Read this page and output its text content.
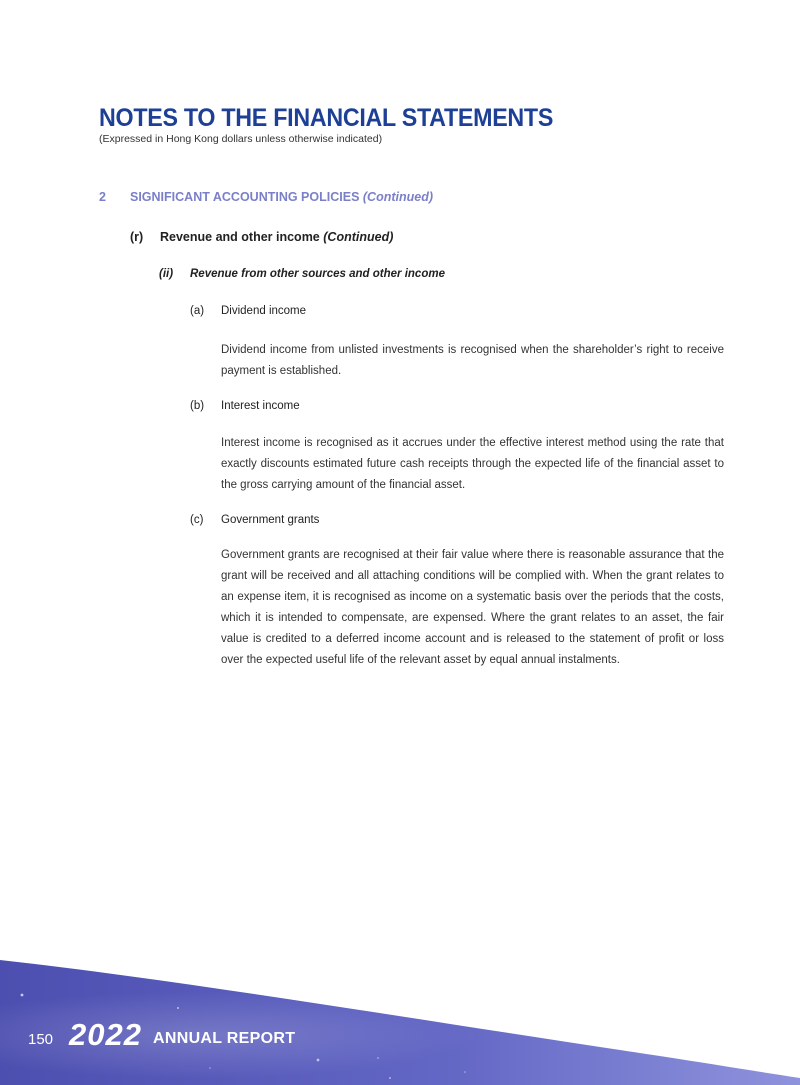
NOTES TO THE FINANCIAL STATEMENTS
(Expressed in Hong Kong dollars unless otherwise indicated)
2 SIGNIFICANT ACCOUNTING POLICIES (Continued)
(r) Revenue and other income (Continued)
(ii) Revenue from other sources and other income
(a) Dividend income

Dividend income from unlisted investments is recognised when the shareholder’s right to receive payment is established.

(b) Interest income

Interest income is recognised as it accrues under the effective interest method using the rate that exactly discounts estimated future cash receipts through the expected life of the financial asset to the gross carrying amount of the financial asset.

(c) Government grants

Government grants are recognised at their fair value where there is reasonable assurance that the grant will be received and all attaching conditions will be complied with. When the grant relates to an expense item, it is recognised as income on a systematic basis over the periods that the costs, which it is intended to compensate, are expensed. Where the grant relates to an asset, the fair value is credited to a deferred income account and is released to the statement of profit or loss over the expected useful life of the relevant asset by equal annual instalments.

150 2022 ANNUAL REPORT
